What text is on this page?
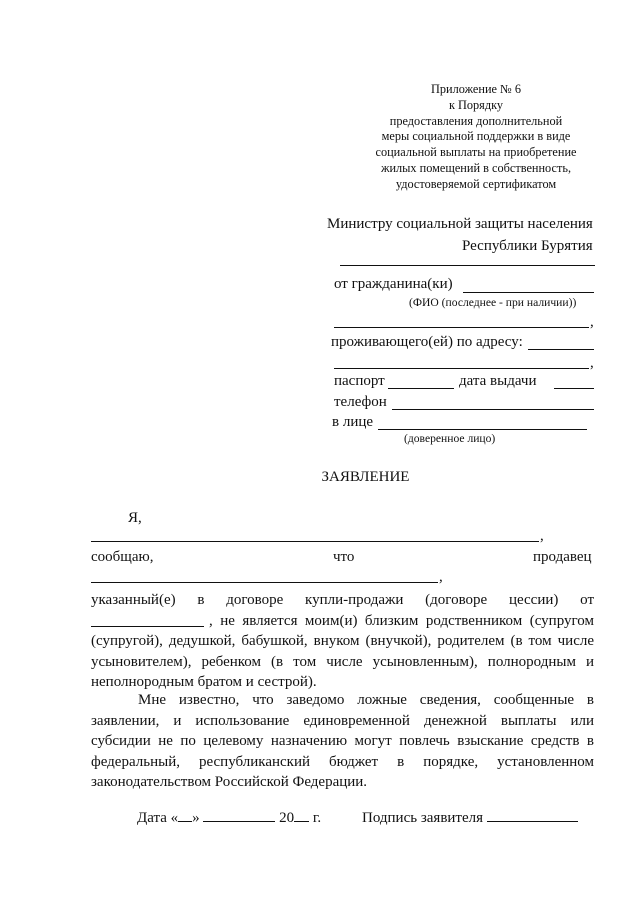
Приложение № 6
к Порядку
предоставления дополнительной
меры социальной поддержки в виде
социальной выплаты на приобретение
жилых помещений в собственность,
удостоверяемой сертификатом
Министру социальной защиты населения
Республики Бурятия
от гражданина(ки)
(ФИО (последнее - при наличии))
,
проживающего(ей) по адресу:
,
паспорт	дата выдачи
телефон
в лице
(доверенное лицо)
ЗАЯВЛЕНИЕ
Я,
,
сообщаю,	что	продавец
,
указанный(е) в договоре купли-продажи (договоре цессии) от
, не является моим(и) близким родственником (супругом
(супругой), дедушкой, бабушкой, внуком (внучкой), родителем (в том числе
усыновителем), ребенком (в том числе усыновленным), полнородным и
неполнородным братом и сестрой).
Мне известно, что заведомо ложные сведения, сообщенные в
заявлении, и использование единовременной денежной выплаты или
субсидии не по целевому назначению могут повлечь взыскание средств в
федеральный, республиканский бюджет в порядке, установленном
законодательством Российской Федерации.
Дата « »	20 г.	Подпись заявителя
